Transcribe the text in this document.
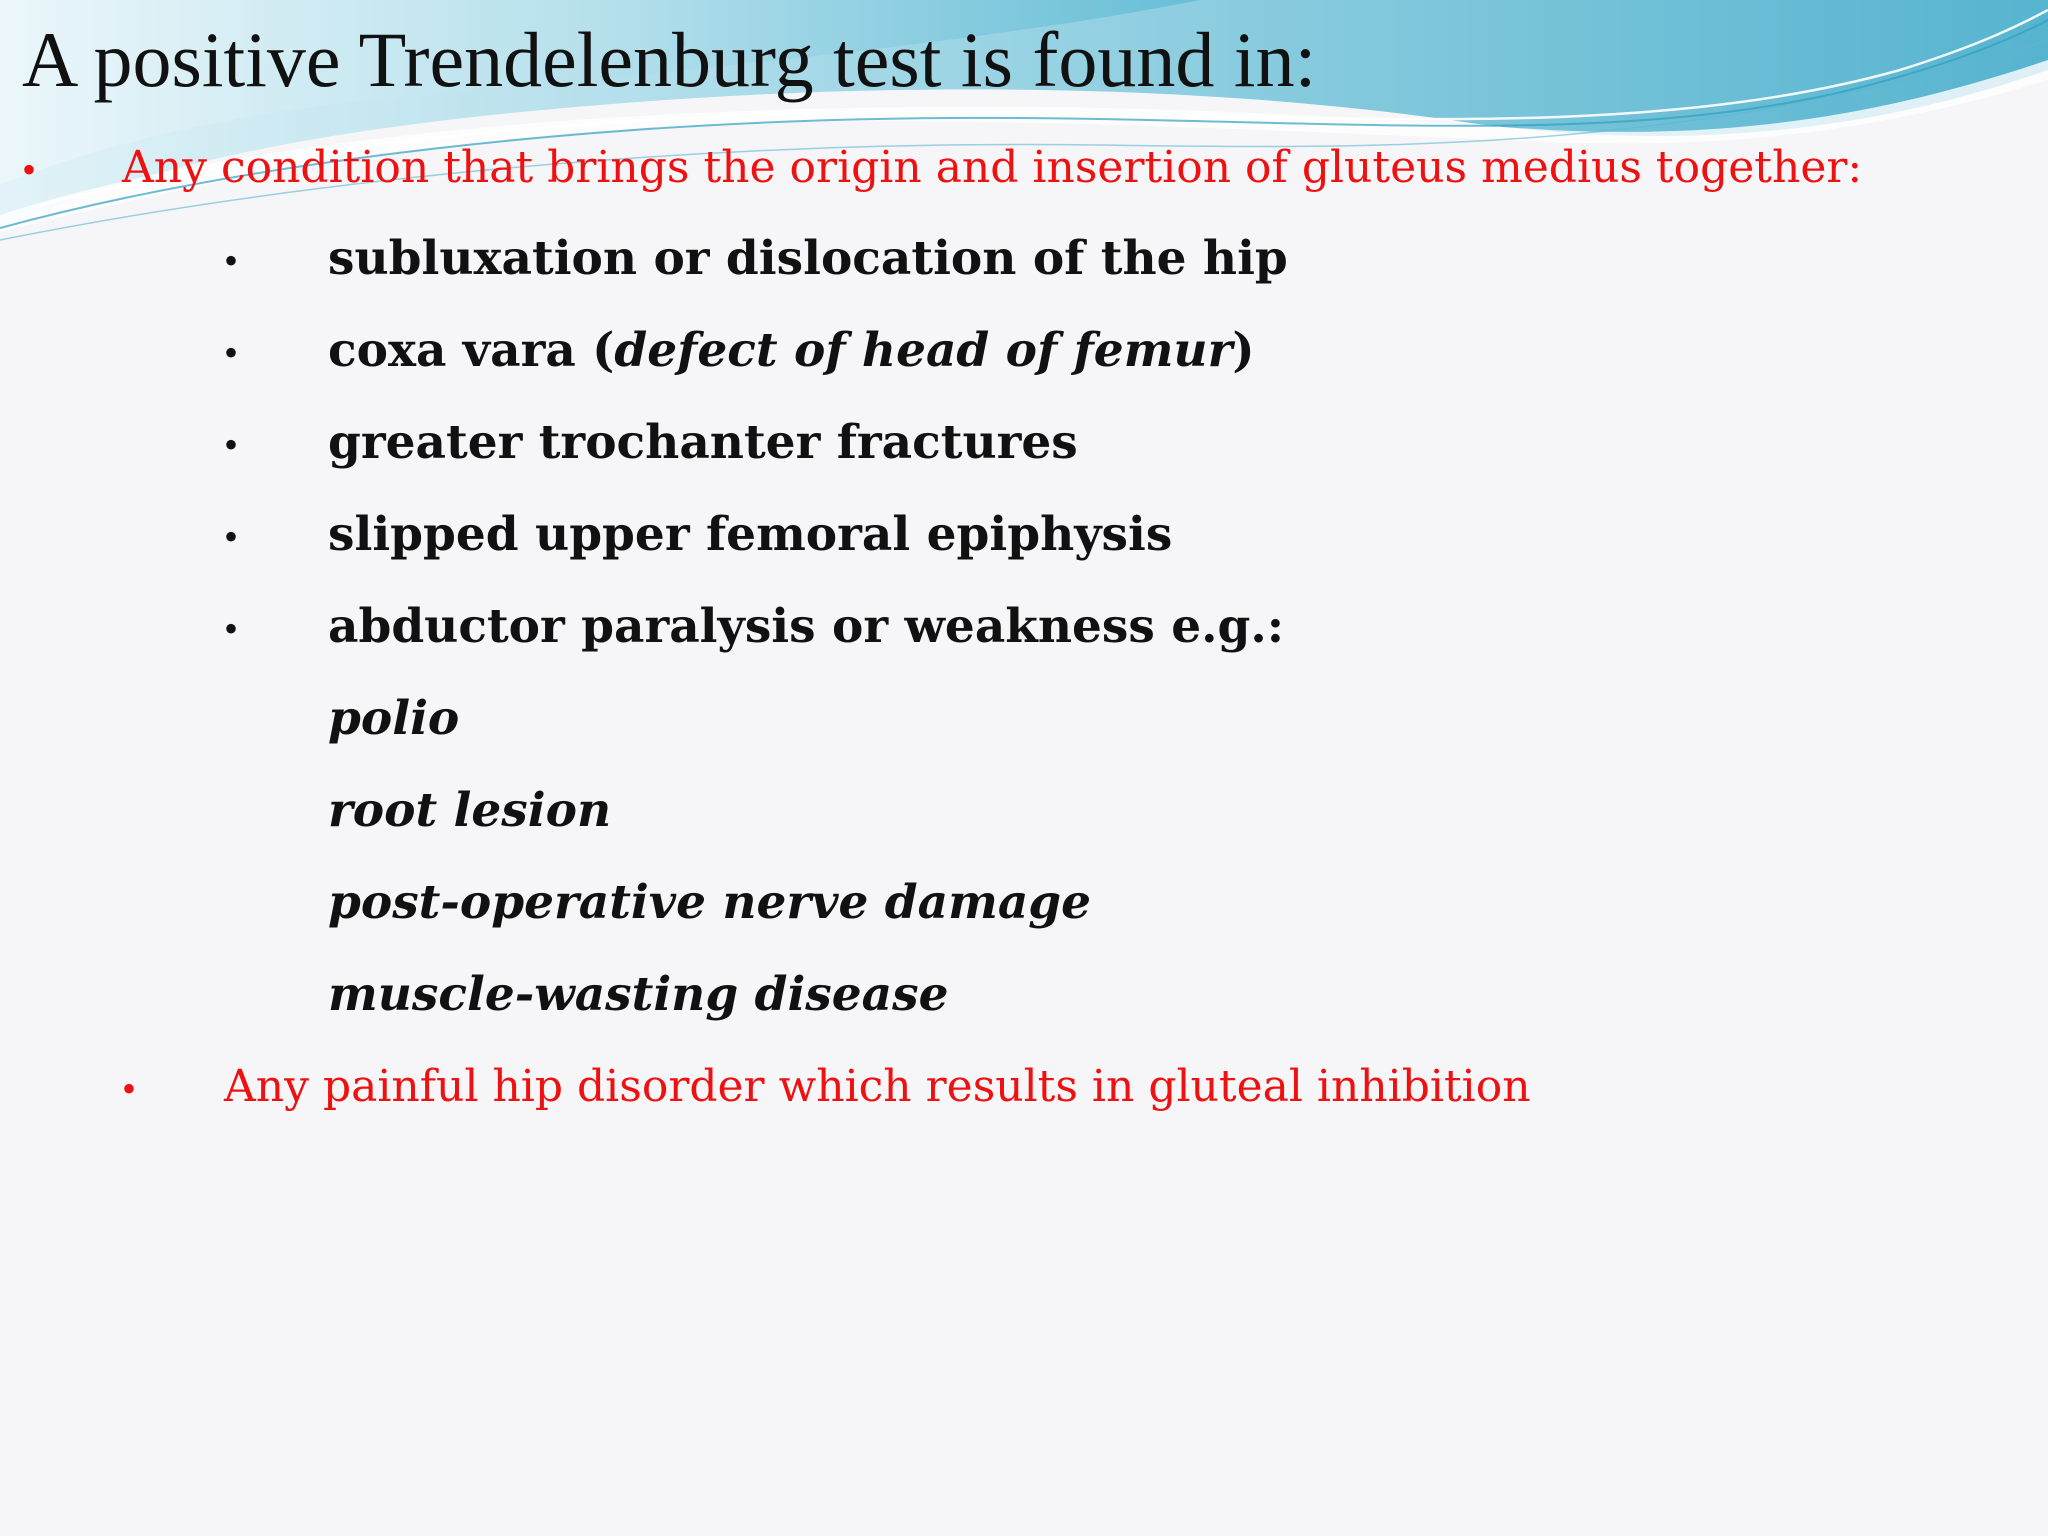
A positive Trendelenburg test is found in:
• Any condition that brings the origin and insertion of gluteus medius together:
• subluxation or dislocation of the hip
• coxa vara (defect of head of femur)
• greater trochanter fractures
• slipped upper femoral epiphysis
• abductor paralysis or weakness e.g.:
polio
root lesion
post-operative nerve damage
muscle-wasting disease
• Any painful hip disorder which results in gluteal inhibition
